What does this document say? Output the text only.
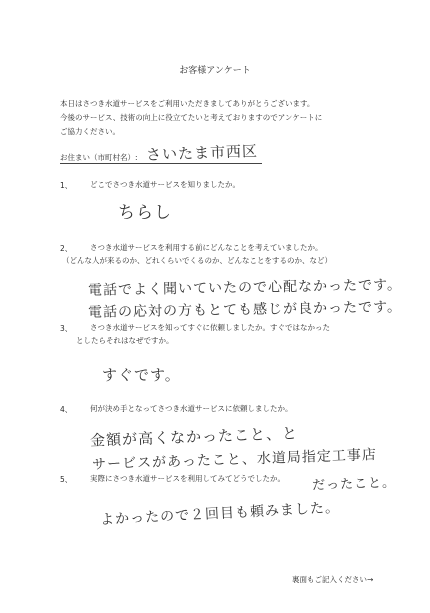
お客様アンケート
本日はさつき水道サービスをご利用いただきましてありがとうございます。
今後のサービス、技術の向上に役立てたいと考えておりますのでアンケートに
ご協力ください。
お住まい（市町村名）: さいたま市西区
1、 どこでさつき水道サービスを知りましたか。
ちらし
2、 さつき水道サービスを利用する前にどんなことを考えていましたか。
（どんな人が来るのか、どれくらいでくるのか、どんなことをするのか、など）
電話でよく聞いていたので心配なかったです。
電話の応対の方もとても感じが良かったです。
3、 さつき水道サービスを知ってすぐに依頼しましたか。すぐではなかった
としたらそれはなぜですか。
すぐです。
4、 何が決め手となってさつき水道サービスに依頼しましたか。
金額が高くなかったこと、と
サービスがあったこと、水道局指定工事店
だったこと。
5、 実際にさつき水道サービスを利用してみてどうでしたか。
よかったので２回目も頼みました。
裏面もご記入ください→
